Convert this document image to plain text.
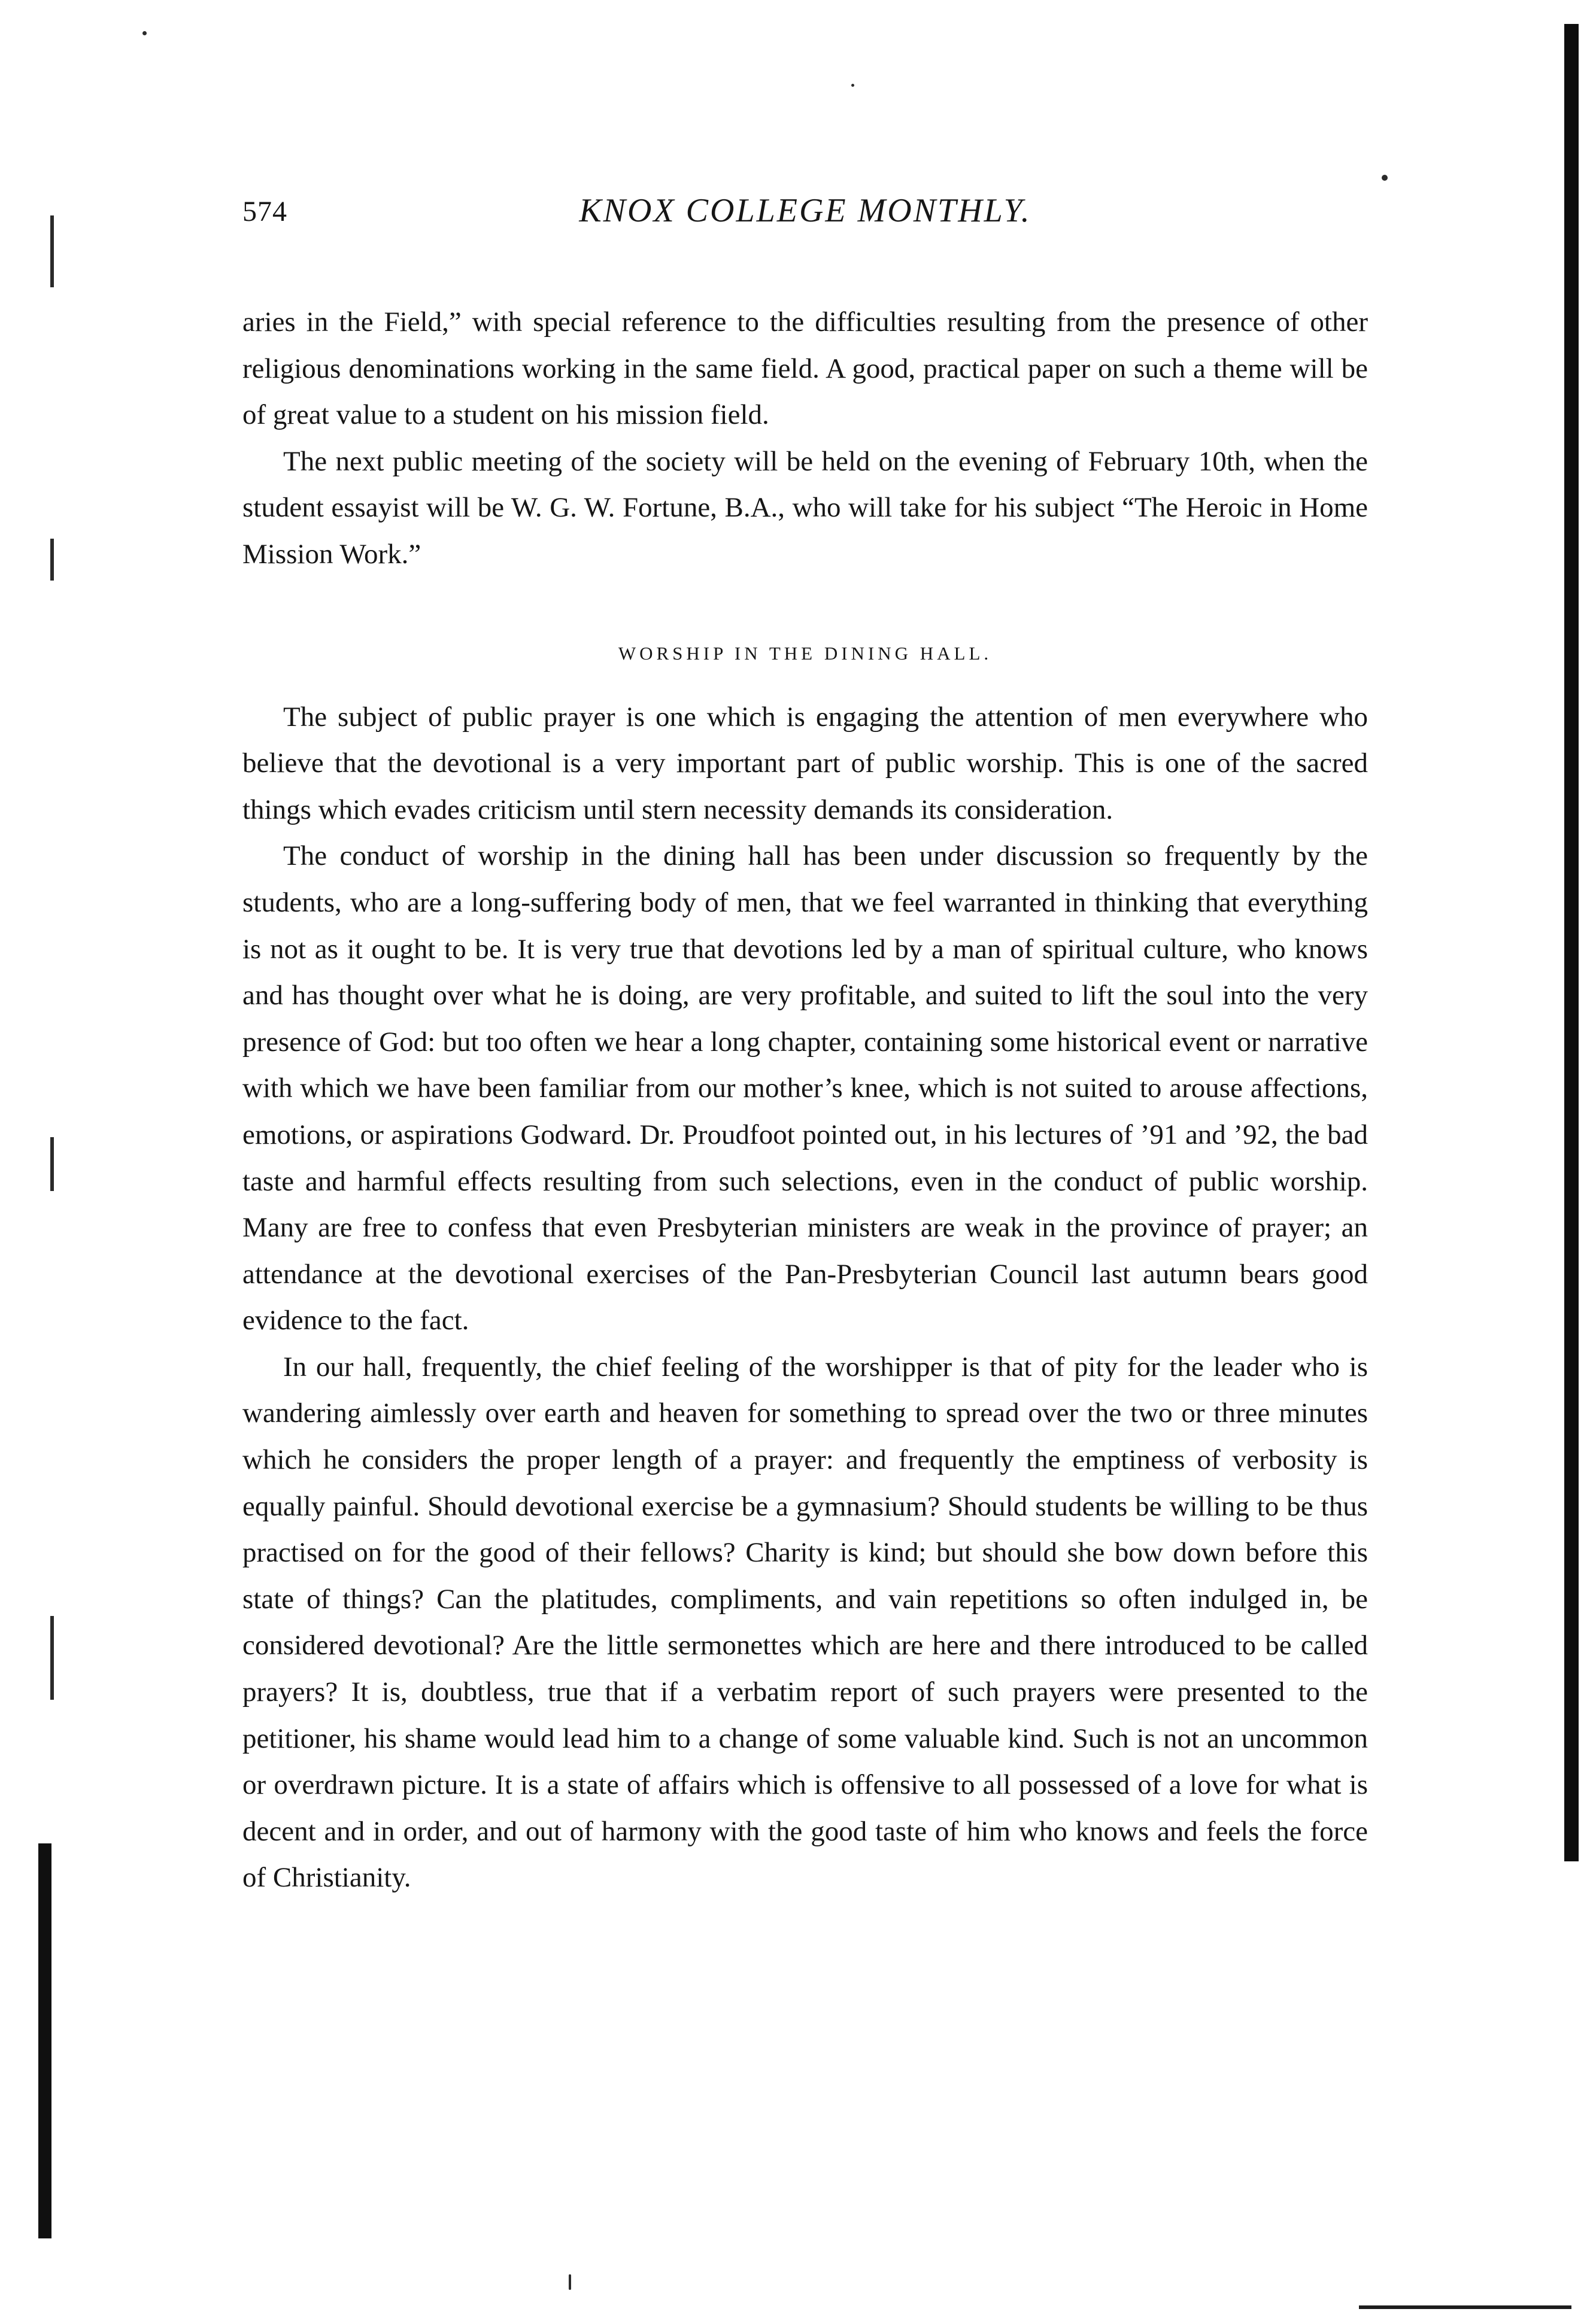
574	KNOX COLLEGE MONTHLY.

aries in the Field,” with special reference to the difficulties resulting from the presence of other religious denominations working in the same field. A good, practical paper on such a theme will be of great value to a student on his mission field.

The next public meeting of the society will be held on the evening of February 10th, when the student essayist will be W. G. W. Fortune, B.A., who will take for his subject “The Heroic in Home Mission Work.”

WORSHIP IN THE DINING HALL.

The subject of public prayer is one which is engaging the attention of men everywhere who believe that the devotional is a very important part of public worship. This is one of the sacred things which evades criticism until stern necessity demands its consideration.

The conduct of worship in the dining hall has been under discussion so frequently by the students, who are a long-suffering body of men, that we feel warranted in thinking that everything is not as it ought to be. It is very true that devotions led by a man of spiritual culture, who knows and has thought over what he is doing, are very profitable, and suited to lift the soul into the very presence of God: but too often we hear a long chapter, containing some historical event or narrative with which we have been familiar from our mother’s knee, which is not suited to arouse affections, emotions, or aspirations Godward. Dr. Proudfoot pointed out, in his lectures of ’91 and ’92, the bad taste and harmful effects resulting from such selections, even in the conduct of public worship. Many are free to confess that even Presbyterian ministers are weak in the province of prayer; an attendance at the devotional exercises of the Pan-Presbyterian Council last autumn bears good evidence to the fact.

In our hall, frequently, the chief feeling of the worshipper is that of pity for the leader who is wandering aimlessly over earth and heaven for something to spread over the two or three minutes which he considers the proper length of a prayer: and frequently the emptiness of verbosity is equally painful. Should devotional exercise be a gymnasium? Should students be willing to be thus practised on for the good of their fellows? Charity is kind; but should she bow down before this state of things? Can the platitudes, compliments, and vain repetitions so often indulged in, be considered devotional? Are the little sermonettes which are here and there introduced to be called prayers? It is, doubtless, true that if a verbatim report of such prayers were presented to the petitioner, his shame would lead him to a change of some valuable kind. Such is not an uncommon or overdrawn picture. It is a state of affairs which is offensive to all possessed of a love for what is decent and in order, and out of harmony with the good taste of him who knows and feels the force of Christianity.
